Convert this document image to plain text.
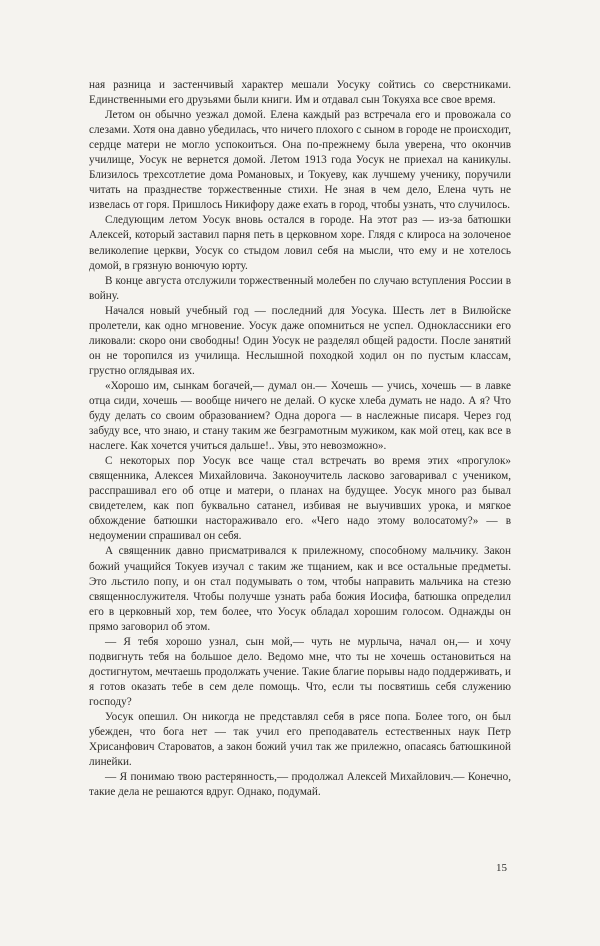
ная разница и застенчивый характер мешали Уосуку сойтись со сверстниками. Единственными его друзьями были книги. Им и отдавал сын Токуяха все свое время.

Летом он обычно уезжал домой. Елена каждый раз встречала его и провожала со слезами. Хотя она давно убедилась, что ничего плохого с сыном в городе не происходит, сердце матери не могло успокоиться. Она по-прежнему была уверена, что окончив училище, Уосук не вернется домой. Летом 1913 года Уосук не приехал на каникулы. Близилось трехсотлетие дома Романовых, и Токуеву, как лучшему ученику, поручили читать на празднестве торжественные стихи. Не зная в чем дело, Елена чуть не извелась от горя. Пришлось Никифору даже ехать в город, чтобы узнать, что случилось.

Следующим летом Уосук вновь остался в городе. На этот раз — из-за батюшки Алексей, который заставил парня петь в церковном хоре. Глядя с клироса на золоченое великолепие церкви, Уосук со стыдом ловил себя на мысли, что ему и не хотелось домой, в грязную вонючую юрту.

В конце августа отслужили торжественный молебен по случаю вступления России в войну.

Начался новый учебный год — последний для Уосука. Шесть лет в Вилюйске пролетели, как одно мгновение. Уосук даже опомниться не успел. Одноклассники его ликовали: скоро они свободны! Один Уосук не разделял общей радости. После занятий он не торопился из училища. Неслышной походкой ходил он по пустым классам, грустно оглядывая их.

«Хорошо им, сынкам богачей,— думал он.— Хочешь — учись, хочешь — в лавке отца сиди, хочешь — вообще ничего не делай. О куске хлеба думать не надо. А я? Что буду делать со своим образованием? Одна дорога — в наслежные писаря. Через год забуду все, что знаю, и стану таким же безграмотным мужиком, как мой отец, как все в наслеге. Как хочется учиться дальше!.. Увы, это невозможно».

С некоторых пор Уосук все чаще стал встречать во время этих «прогулок» священника, Алексея Михайловича. Законоучитель ласково заговаривал с учеником, расспрашивал его об отце и матери, о планах на будущее. Уосук много раз бывал свидетелем, как поп буквально сатанел, избивая не выучивших урока, и мягкое обхождение батюшки настораживало его. «Чего надо этому волосатому?» — в недоумении спрашивал он себя.

А священник давно присматривался к прилежному, способному мальчику. Закон божий учащийся Токуев изучал с таким же тщанием, как и все остальные предметы. Это льстило попу, и он стал подумывать о том, чтобы направить мальчика на стезю священнослужителя. Чтобы получше узнать раба божия Иосифа, батюшка определил его в церковный хор, тем более, что Уосук обладал хорошим голосом. Однажды он прямо заговорил об этом.

— Я тебя хорошо узнал, сын мой,— чуть не мурлыча, начал он,— и хочу подвигнуть тебя на большое дело. Ведомо мне, что ты не хочешь остановиться на достигнутом, мечтаешь продолжать учение. Такие благие порывы надо поддерживать, и я готов оказать тебе в сем деле помощь. Что, если ты посвятишь себя служению господу?

Уосук опешил. Он никогда не представлял себя в рясе попа. Более того, он был убежден, что бога нет — так учил его преподаватель естественных наук Петр Хрисанфович Староватов, а закон божий учил так же прилежно, опасаясь батюшкиной линейки.

— Я понимаю твою растерянность,— продолжал Алексей Михайлович.— Конечно, такие дела не решаются вдруг. Однако, подумай.

15
